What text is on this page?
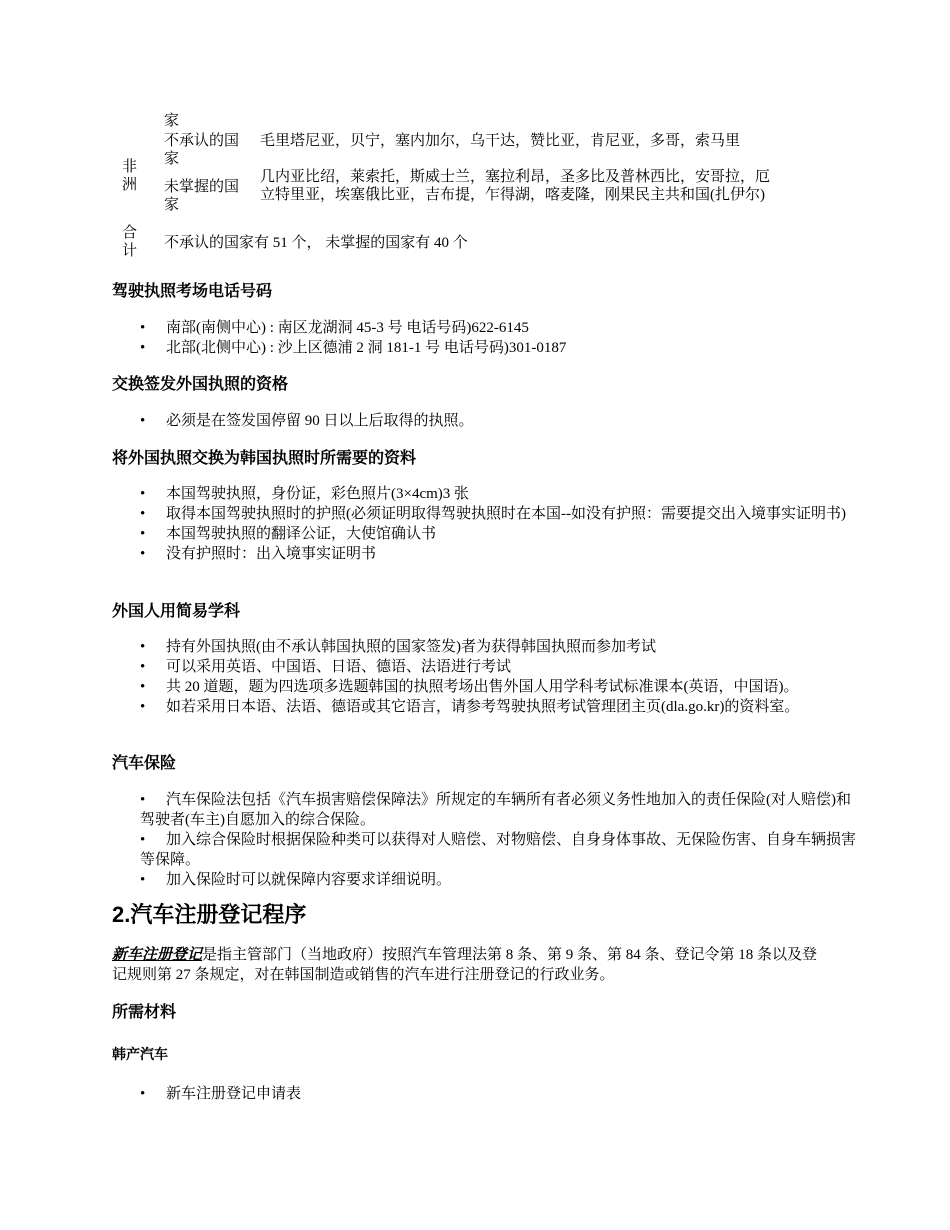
非洲
家
不承认的国家
毛里塔尼亚，贝宁，塞内加尔，乌干达，赞比亚，肯尼亚，多哥，索马里
未掌握的国家
几内亚比绍，莱索托，斯威士兰，塞拉利昂，圣多比及普林西比，安哥拉，厄立特里亚，埃塞俄比亚，吉布提，乍得湖，喀麦隆，刚果民主共和国(扎伊尔)
合计 不承认的国家有 51 个， 未掌握的国家有 40 个
驾驶执照考场电话号码
• 南部(南侧中心) : 南区龙湖洞 45-3 号 电话号码)622-6145
• 北部(北侧中心) : 沙上区德浦 2 洞 181-1 号 电话号码)301-0187
交换签发外国执照的资格
• 必须是在签发国停留 90 日以上后取得的执照。
将外国执照交换为韩国执照时所需要的资料
• 本国驾驶执照，身份证，彩色照片(3×4cm)3 张
• 取得本国驾驶执照时的护照(必须证明取得驾驶执照时在本国--如没有护照：需要提交出入境事实证明书)
• 本国驾驶执照的翻译公证，大使馆确认书
• 没有护照时：出入境事实证明书
外国人用简易学科
• 持有外国执照(由不承认韩国执照的国家签发)者为获得韩国执照而参加考试
• 可以采用英语、中国语、日语、德语、法语进行考试
• 共 20 道题，题为四选项多选题韩国的执照考场出售外国人用学科考试标准课本(英语，中国语)。
• 如若采用日本语、法语、德语或其它语言，请参考驾驶执照考试管理团主页(dla.go.kr)的资料室。
汽车保险
• 汽车保险法包括《汽车损害赔偿保障法》所规定的车辆所有者必须义务性地加入的责任保险(对人赔偿)和驾驶者(车主)自愿加入的综合保险。
• 加入综合保险时根据保险种类可以获得对人赔偿、对物赔偿、自身身体事故、无保险伤害、自身车辆损害等保障。
• 加入保险时可以就保障内容要求详细说明。
2.汽车注册登记程序

新车注册登记是指主管部门（当地政府）按照汽车管理法第 8 条、第 9 条、第 84 条、登记令第 18 条以及登记规则第 27 条规定，对在韩国制造或销售的汽车进行注册登记的行政业务。

所需材料
韩产汽车
• 新车注册登记申请表
